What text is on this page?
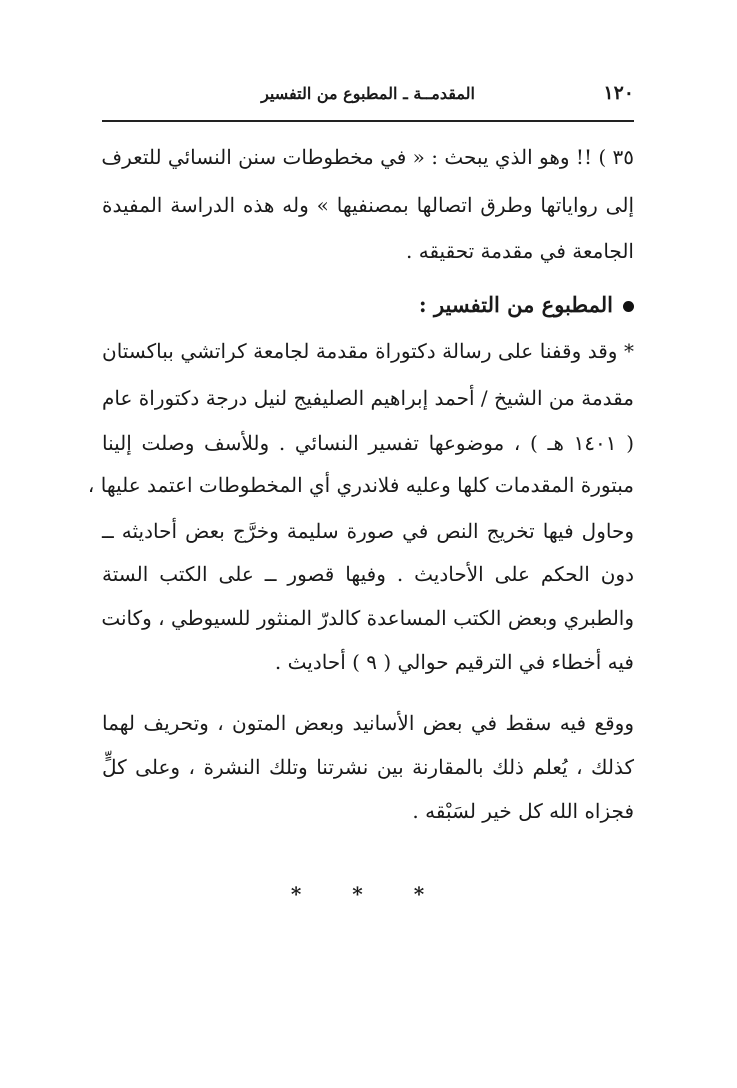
١٢٠
المقدمــة ـ المطبوع من التفسير
٣٥ ) !! وهو الذي يبحث : « في مخطوطات سنن النسائي للتعرف
إلى رواياتها وطرق اتصالها بمصنفيها » وله هذه الدراسة المفيدة
الجامعة في مقدمة تحقيقه .
المطبوع من التفسير :
* وقد وقفنا على رسالة دكتوراة مقدمة لجامعة كراتشي بباكستان
مقدمة من الشيخ / أحمد إبراهيم الصليفيج لنيل درجة دكتوراة عام
( ١٤٠١ هـ ) ، موضوعها تفسير النسائي . وللأسف وصلت إلينا
مبتورة المقدمات كلها وعليه فلاندري أي المخطوطات اعتمد عليها ،
وحاول فيها تخريج النص في صورة سليمة وخرَّج بعض أحاديثه ــ
دون الحكم على الأحاديث . وفيها قصور ــ على الكتب الستة
والطبري وبعض الكتب المساعدة كالدرّ المنثور للسيوطي ، وكانت
فيه أخطاء في الترقيم حوالي ( ٩ ) أحاديث .
ووقع فيه سقط في بعض الأسانيد وبعض المتون ، وتحريف لهما
كذلك ، يُعلم ذلك بالمقارنة بين نشرتنا وتلك النشرة ، وعلى كلٍّ
فجزاه الله كل خير لسَبْقه .
* * *
